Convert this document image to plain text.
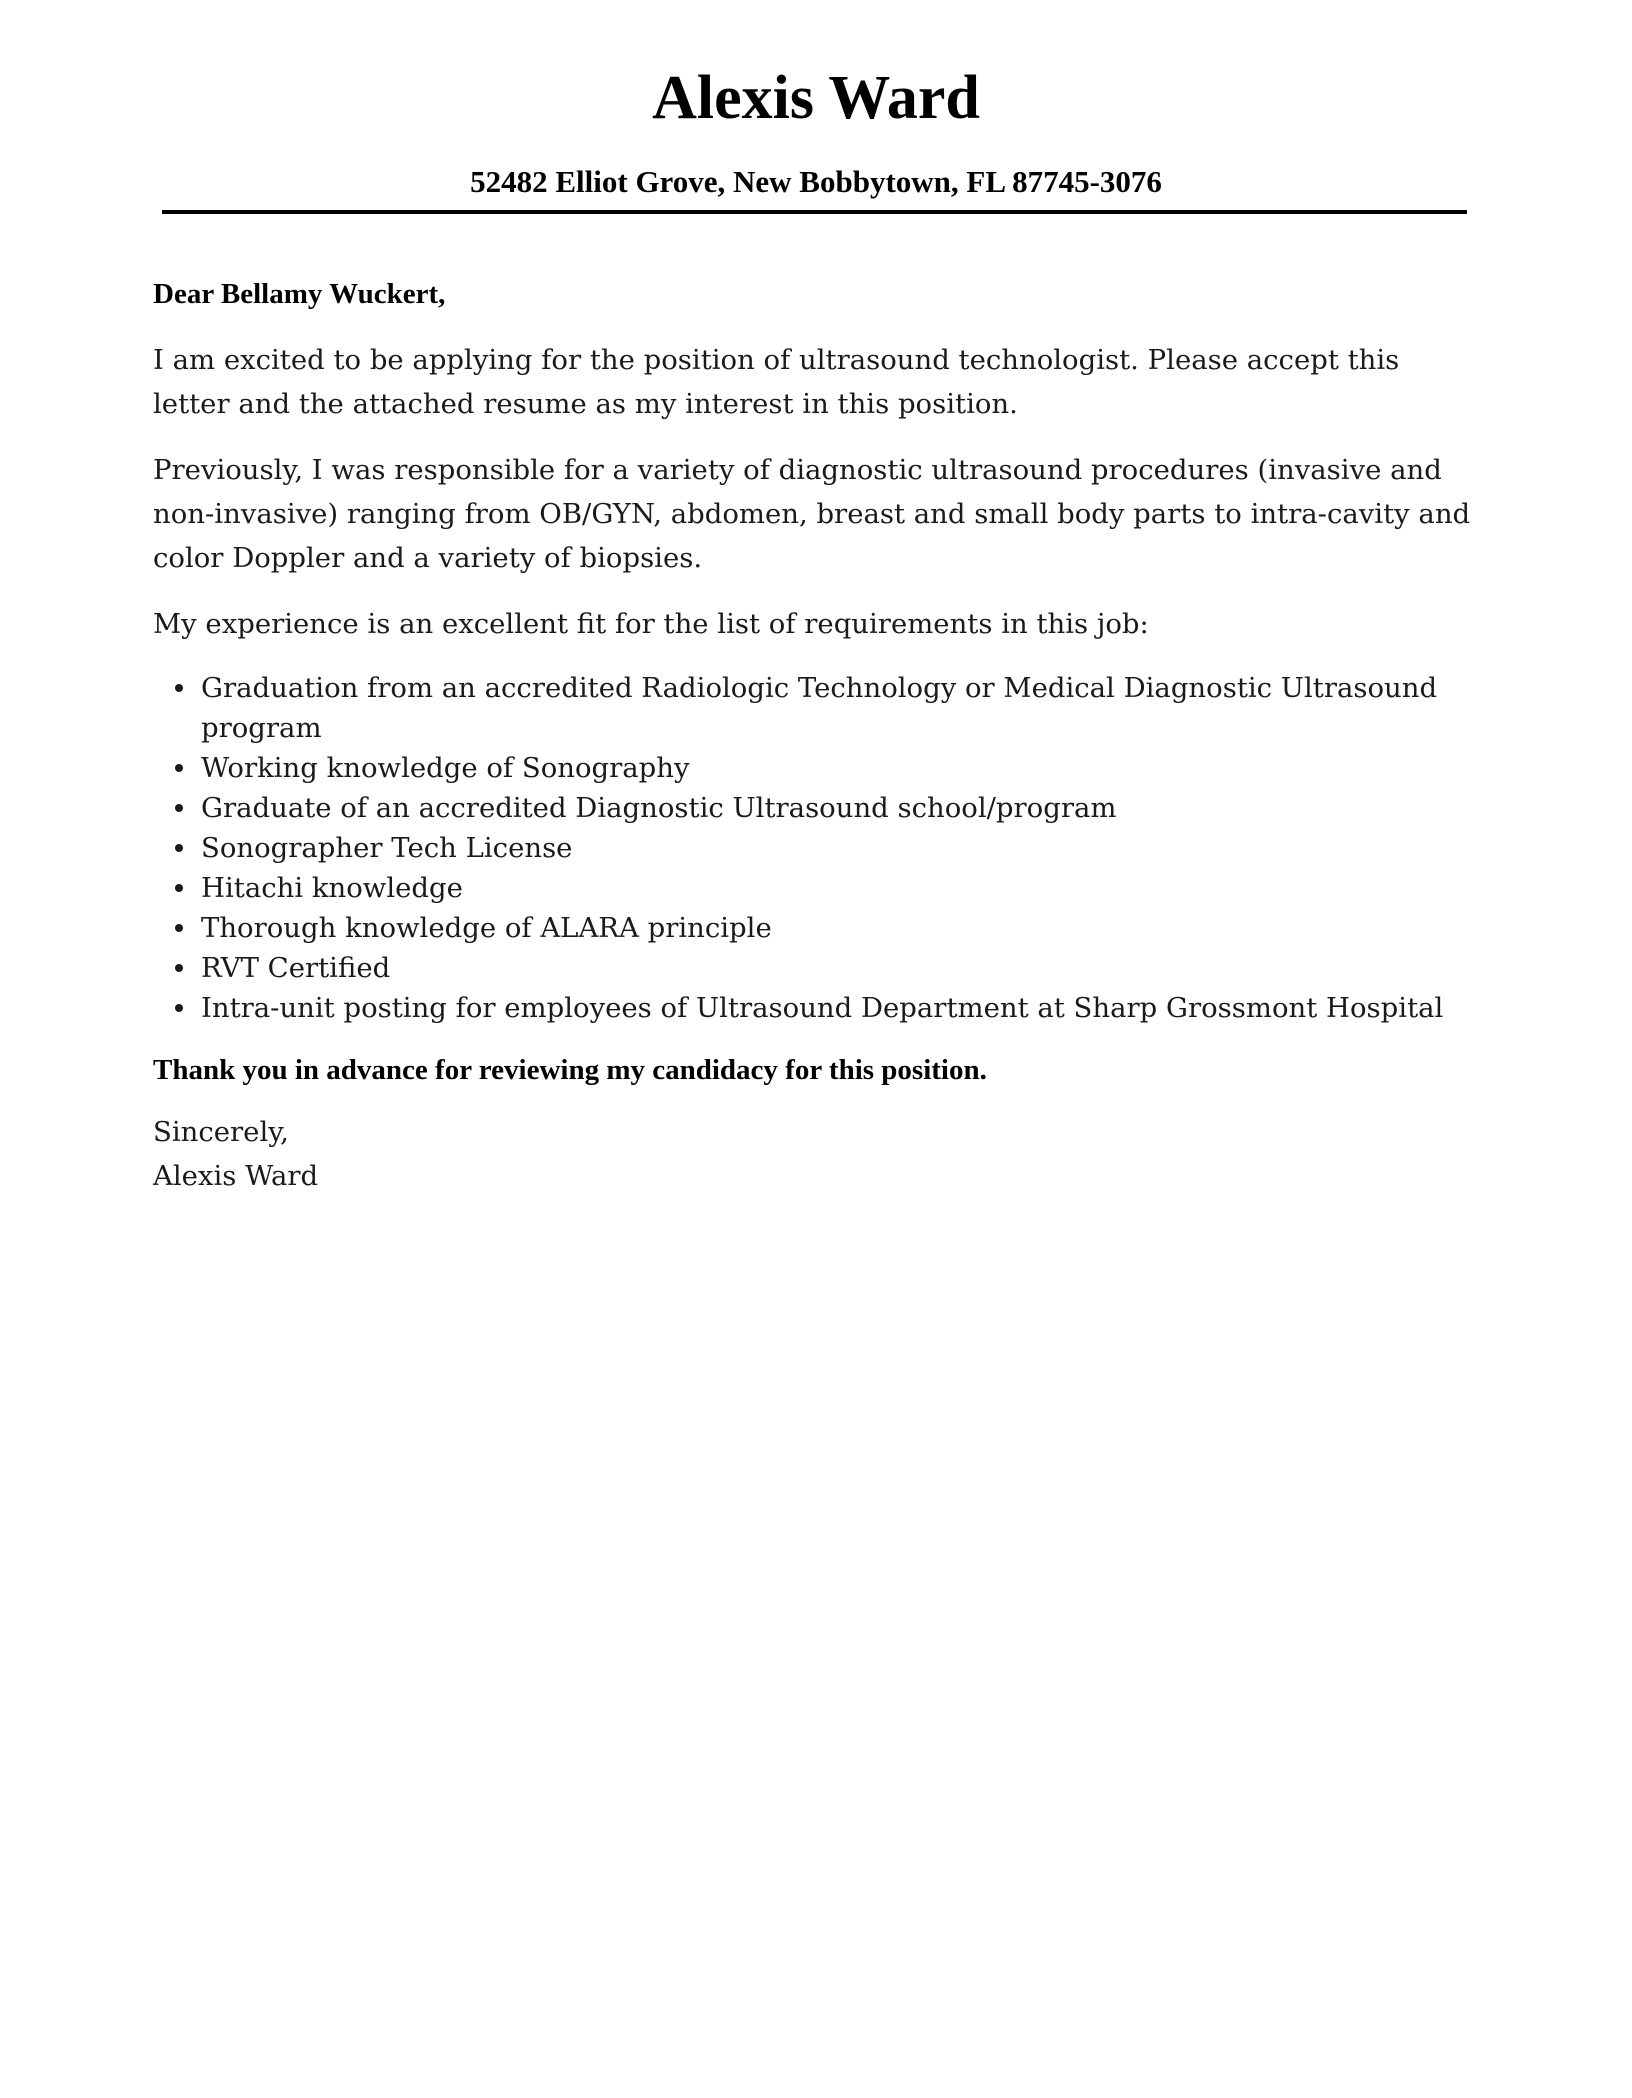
Alexis Ward
52482 Elliot Grove, New Bobbytown, FL 87745-3076

Dear Bellamy Wuckert,

I am excited to be applying for the position of ultrasound technologist. Please accept this letter and the attached resume as my interest in this position.

Previously, I was responsible for a variety of diagnostic ultrasound procedures (invasive and non-invasive) ranging from OB/GYN, abdomen, breast and small body parts to intra-cavity and color Doppler and a variety of biopsies.

My experience is an excellent fit for the list of requirements in this job:

Graduation from an accredited Radiologic Technology or Medical Diagnostic Ultrasound program
Working knowledge of Sonography
Graduate of an accredited Diagnostic Ultrasound school/program
Sonographer Tech License
Hitachi knowledge
Thorough knowledge of ALARA principle
RVT Certified
Intra-unit posting for employees of Ultrasound Department at Sharp Grossmont Hospital

Thank you in advance for reviewing my candidacy for this position.

Sincerely,

Alexis Ward
